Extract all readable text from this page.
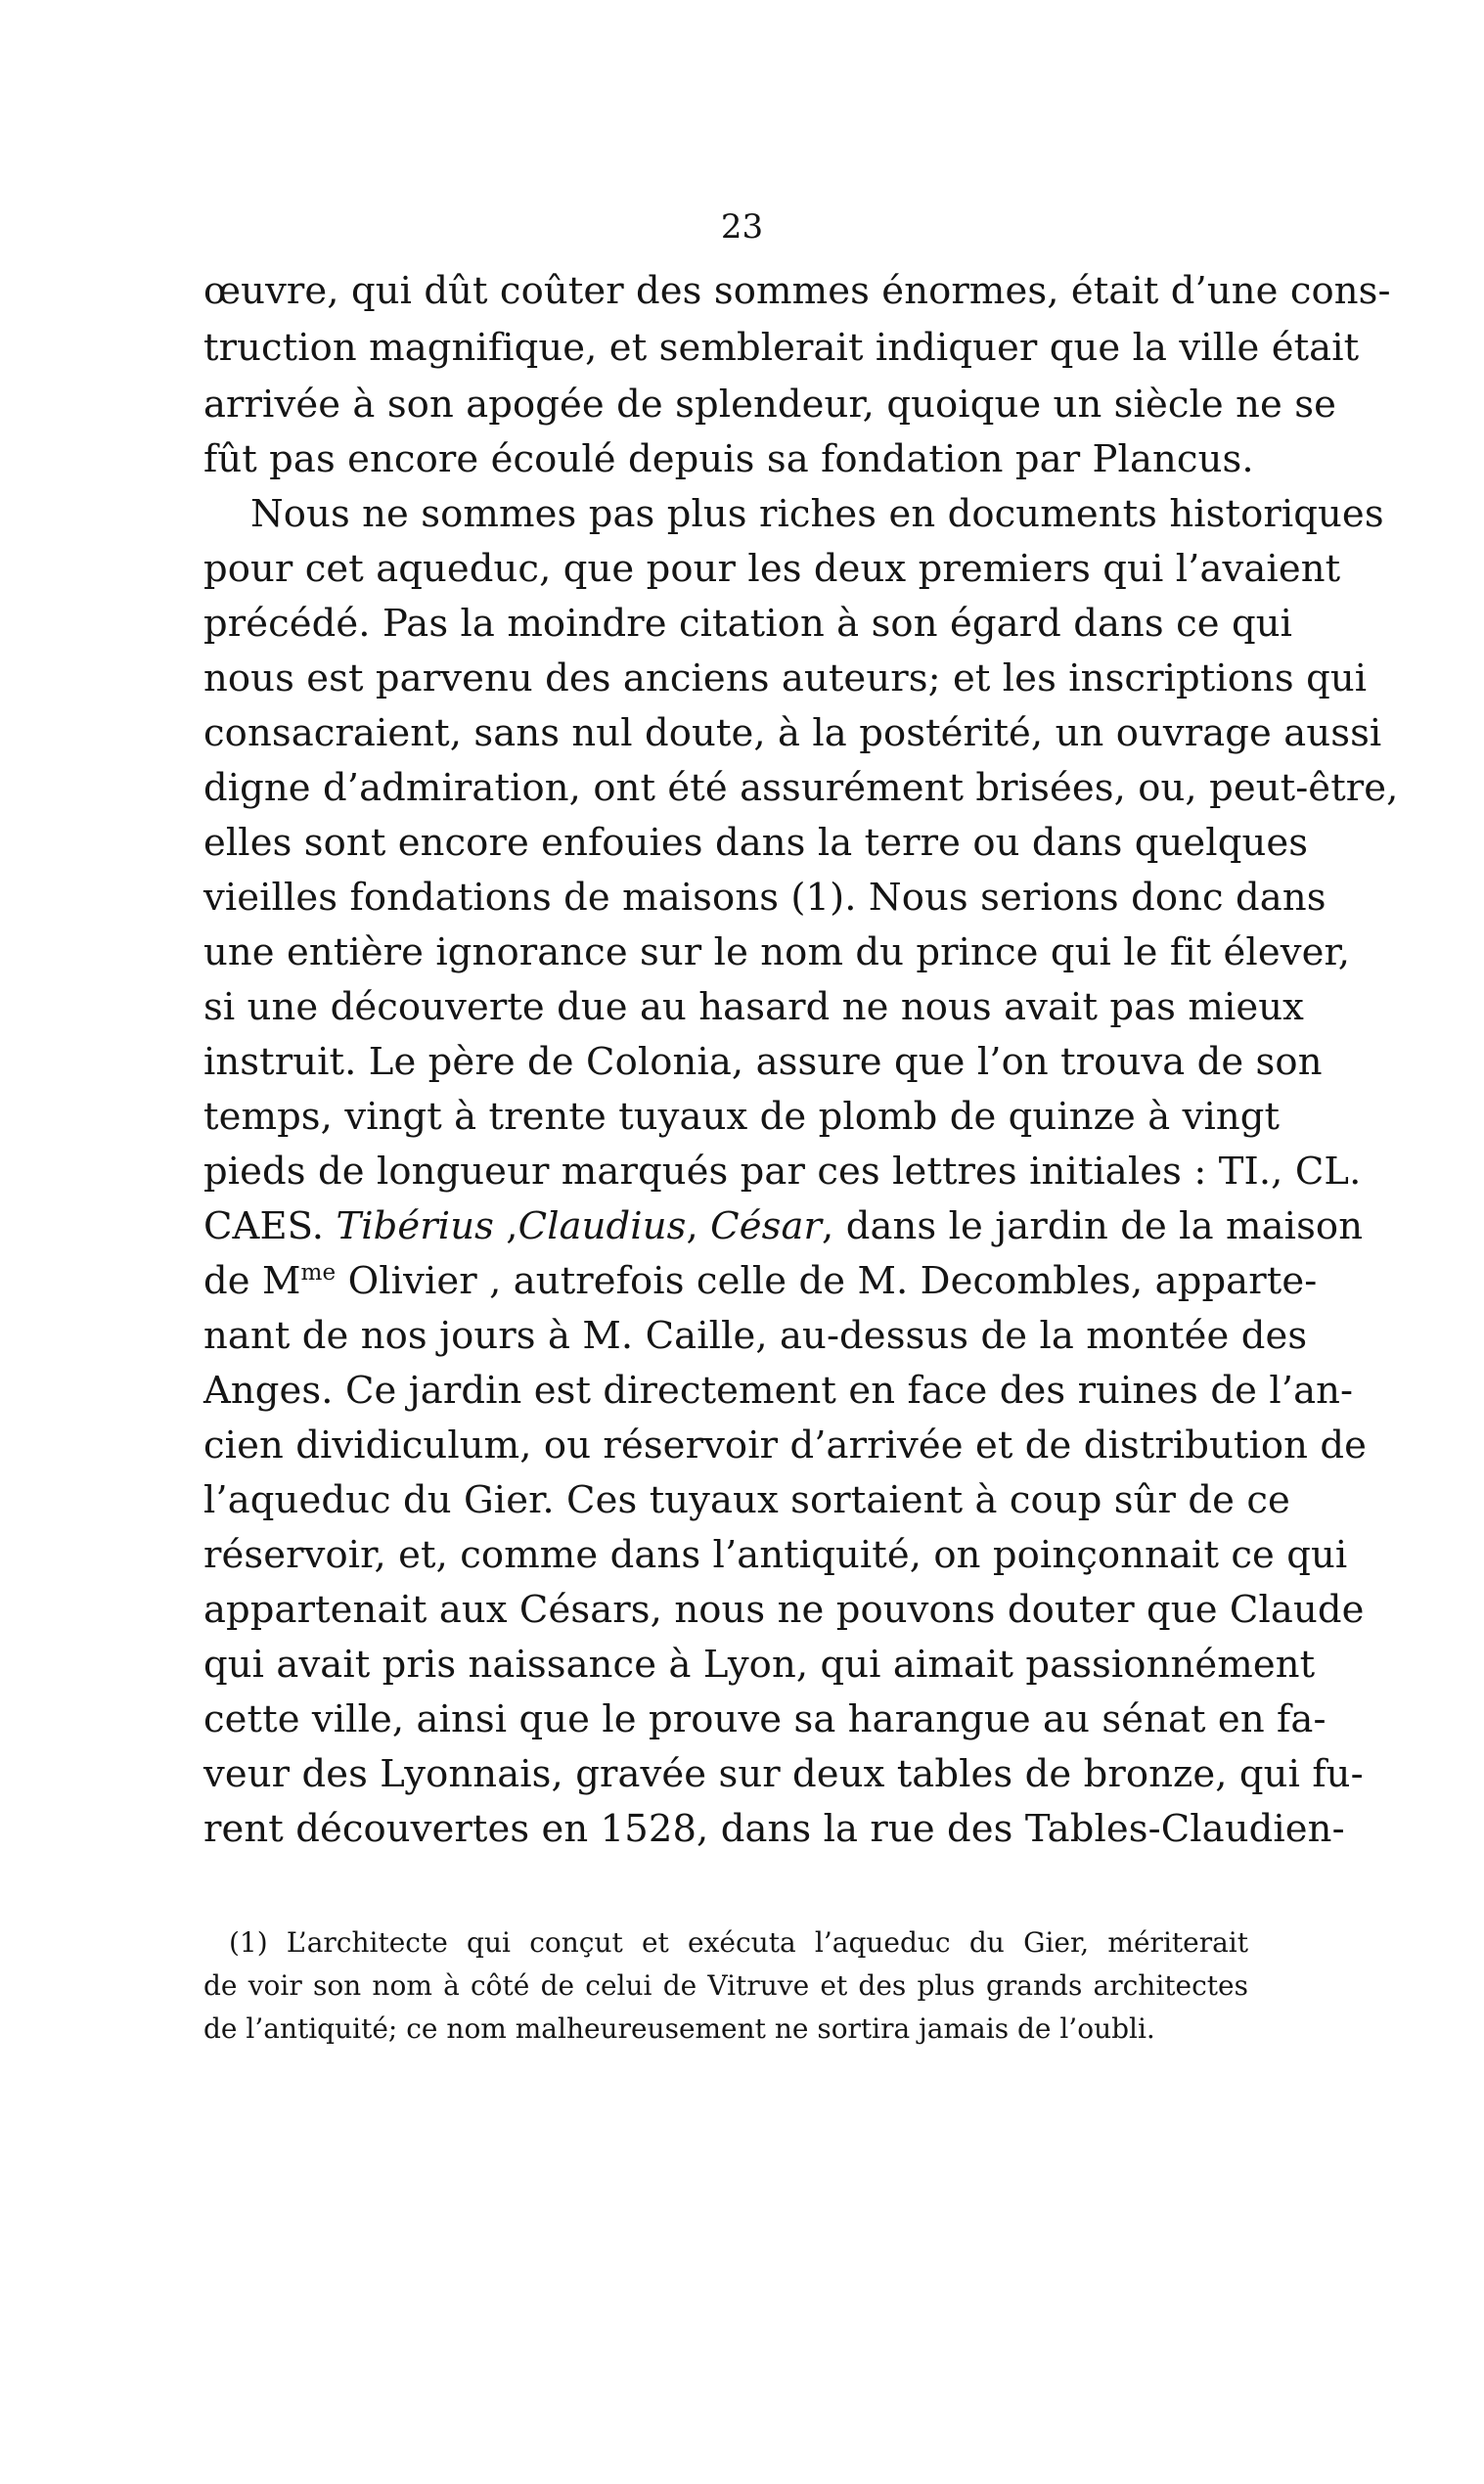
23
œuvre, qui dût coûter des sommes énormes, était d’une cons-
truction magnifique, et semblerait indiquer que la ville était
arrivée à son apogée de splendeur, quoique un siècle ne se
fût pas encore écoulé depuis sa fondation par Plancus.
Nous ne sommes pas plus riches en documents historiques
pour cet aqueduc, que pour les deux premiers qui l’avaient
précédé. Pas la moindre citation à son égard dans ce qui
nous est parvenu des anciens auteurs; et les inscriptions qui
consacraient, sans nul doute, à la postérité, un ouvrage aussi
digne d’admiration, ont été assurément brisées, ou, peut-être,
elles sont encore enfouies dans la terre ou dans quelques
vieilles fondations de maisons (1). Nous serions donc dans
une entière ignorance sur le nom du prince qui le fit élever,
si une découverte due au hasard ne nous avait pas mieux
instruit. Le père de Colonia, assure que l’on trouva de son
temps, vingt à trente tuyaux de plomb de quinze à vingt
pieds de longueur marqués par ces lettres initiales : TI., CL.
CAES. Tibérius ,Claudius, César, dans le jardin de la maison
de $M^{me}$ Olivier , autrefois celle de M. Decombles, apparte-
nant de nos jours à M. Caille, au-dessus de la montée des
Anges. Ce jardin est directement en face des ruines de l’an-
cien dividiculum, ou réservoir d’arrivée et de distribution de
l’aqueduc du Gier. Ces tuyaux sortaient à coup sûr de ce
réservoir, et, comme dans l’antiquité, on poinçonnait ce qui
appartenait aux Césars, nous ne pouvons douter que Claude
qui avait pris naissance à Lyon, qui aimait passionnément
cette ville, ainsi que le prouve sa harangue au sénat en fa-
veur des Lyonnais, gravée sur deux tables de bronze, qui fu-
rent découvertes en 1528, dans la rue des Tables-Claudien-
(1) L’architecte qui conçut et exécuta l’aqueduc du Gier, mériterait
de voir son nom à côté de celui de Vitruve et des plus grands architectes
de l’antiquité; ce nom malheureusement ne sortira jamais de l’oubli.
